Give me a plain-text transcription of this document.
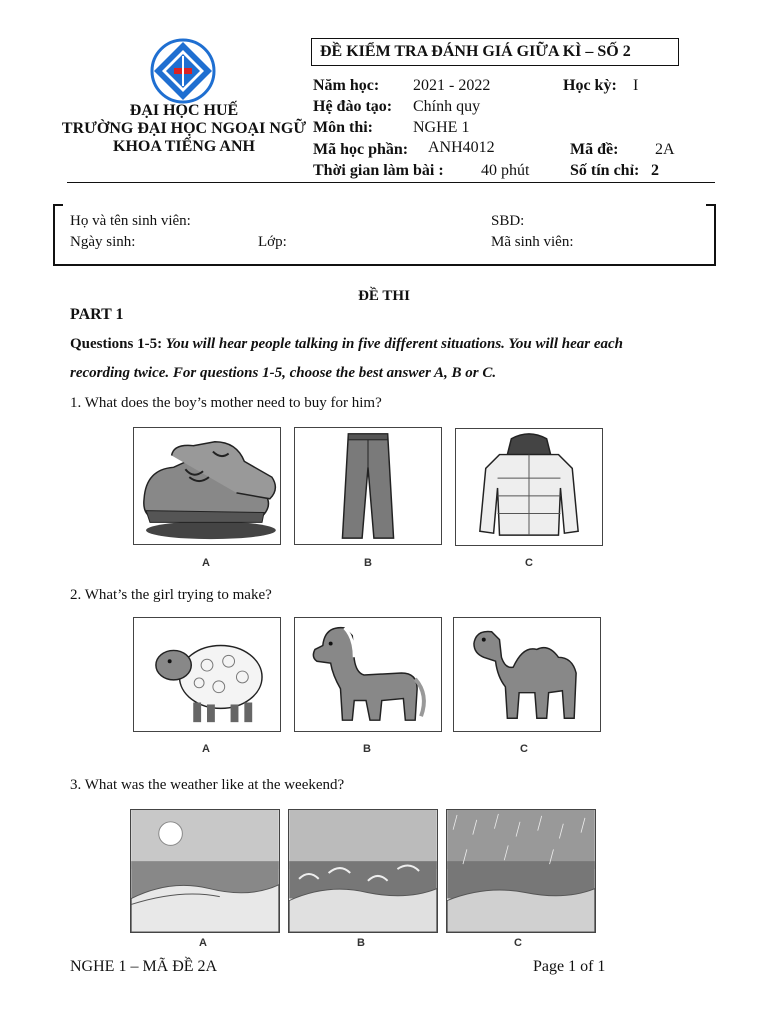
ĐẠI HỌC HUẾ
TRƯỜNG ĐẠI HỌC NGOẠI NGỮ
KHOA TIẾNG ANH
ĐỀ KIỂM TRA ĐÁNH GIÁ GIỮA KÌ – SỐ 2
Năm học: 2021 - 2022	Học kỳ: I
Hệ đào tạo: Chính quy
Môn thi:	NGHE 1
Mã học phần: ANH4012	Mã đề: 2A
Thời gian làm bài : 40 phút	Số tín chỉ: 2
Họ và tên sinh viên:	SBD:
Ngày sinh:	Lớp:	Mã sinh viên:
ĐỀ THI
PART 1
Questions 1-5: You will hear people talking in five different situations. You will hear each
recording twice. For questions 1-5, choose the best answer A, B or C.
1. What does the boy’s mother need to buy for him?
A	B	C
2. What’s the girl trying to make?
A	B	C
3. What was the weather like at the weekend?
A	B	C
NGHE 1 – MÃ ĐỀ 2A	Page 1 of 1
